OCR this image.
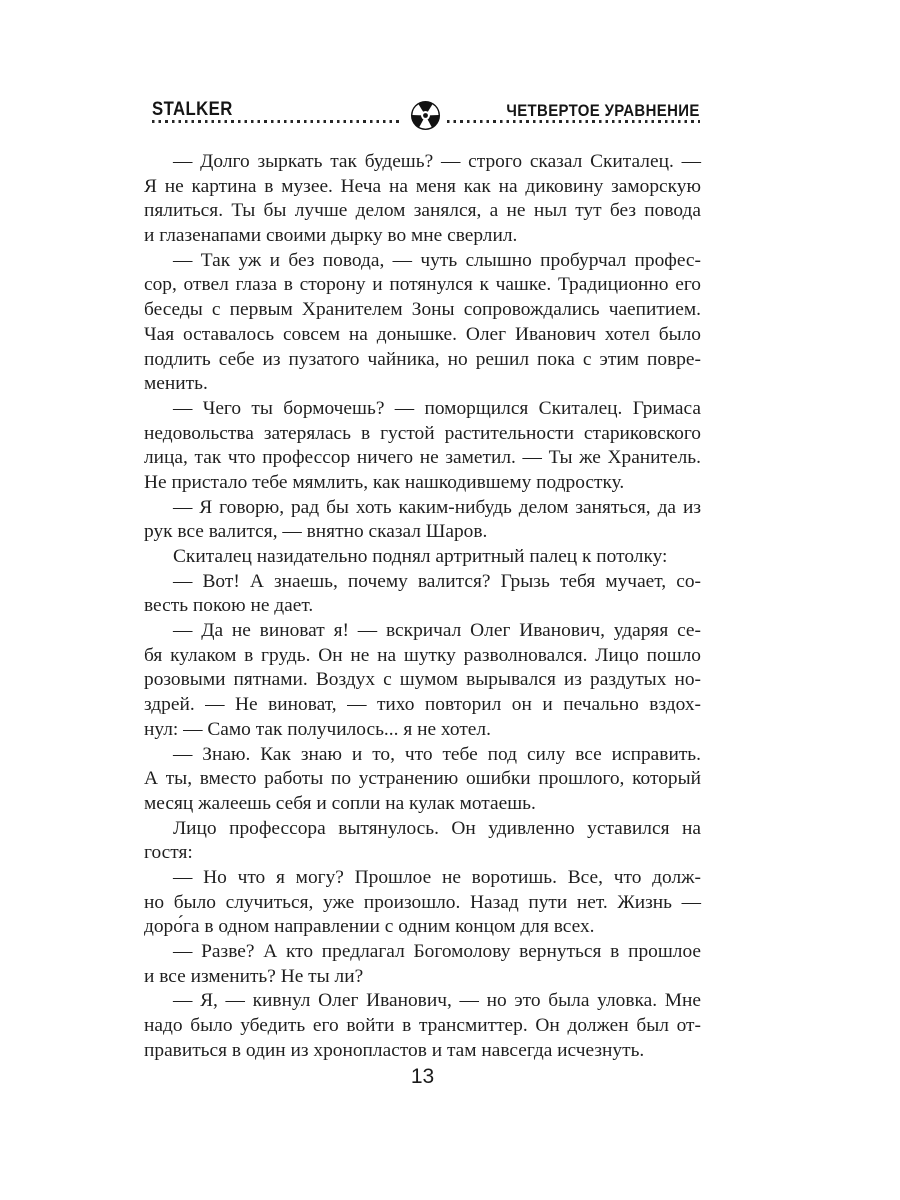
STALKER	ЧЕТВЕРТОЕ УРАВНЕНИЕ
— Долго зыркать так будешь? — строго сказал Скиталец. —
Я не картина в музее. Неча на меня как на диковину заморскую
пялиться. Ты бы лучше делом занялся, а не ныл тут без повода
и глазенапами своими дырку во мне сверлил.
— Так уж и без повода, — чуть слышно пробурчал профес-
сор, отвел глаза в сторону и потянулся к чашке. Традиционно его
беседы с первым Хранителем Зоны сопровождались чаепитием.
Чая оставалось совсем на донышке. Олег Иванович хотел было
подлить себе из пузатого чайника, но решил пока с этим повре-
менить.
— Чего ты бормочешь? — поморщился Скиталец. Гримаса
недовольства затерялась в густой растительности стариковского
лица, так что профессор ничего не заметил. — Ты же Хранитель.
Не пристало тебе мямлить, как нашкодившему подростку.
— Я говорю, рад бы хоть каким-нибудь делом заняться, да из
рук все валится, — внятно сказал Шаров.
Скиталец назидательно поднял артритный палец к потолку:
— Вот! А знаешь, почему валится? Грызь тебя мучает, со-
весть покою не дает.
— Да не виноват я! — вскричал Олег Иванович, ударяя се-
бя кулаком в грудь. Он не на шутку разволновался. Лицо пошло
розовыми пятнами. Воздух с шумом вырывался из раздутых но-
здрей. — Не виноват, — тихо повторил он и печально вздох-
нул: — Само так получилось... я не хотел.
— Знаю. Как знаю и то, что тебе под силу все исправить.
А ты, вместо работы по устранению ошибки прошлого, который
месяц жалеешь себя и сопли на кулак мотаешь.
Лицо профессора вытянулось. Он удивленно уставился на
гостя:
— Но что я могу? Прошлое не воротишь. Все, что долж-
но было случиться, уже произошло. Назад пути нет. Жизнь —
доро́га в одном направлении с одним концом для всех.
— Разве? А кто предлагал Богомолову вернуться в прошлое
и все изменить? Не ты ли?
— Я, — кивнул Олег Иванович, — но это была уловка. Мне
надо было убедить его войти в трансмиттер. Он должен был от-
правиться в один из хронопластов и там навсегда исчезнуть.
13
